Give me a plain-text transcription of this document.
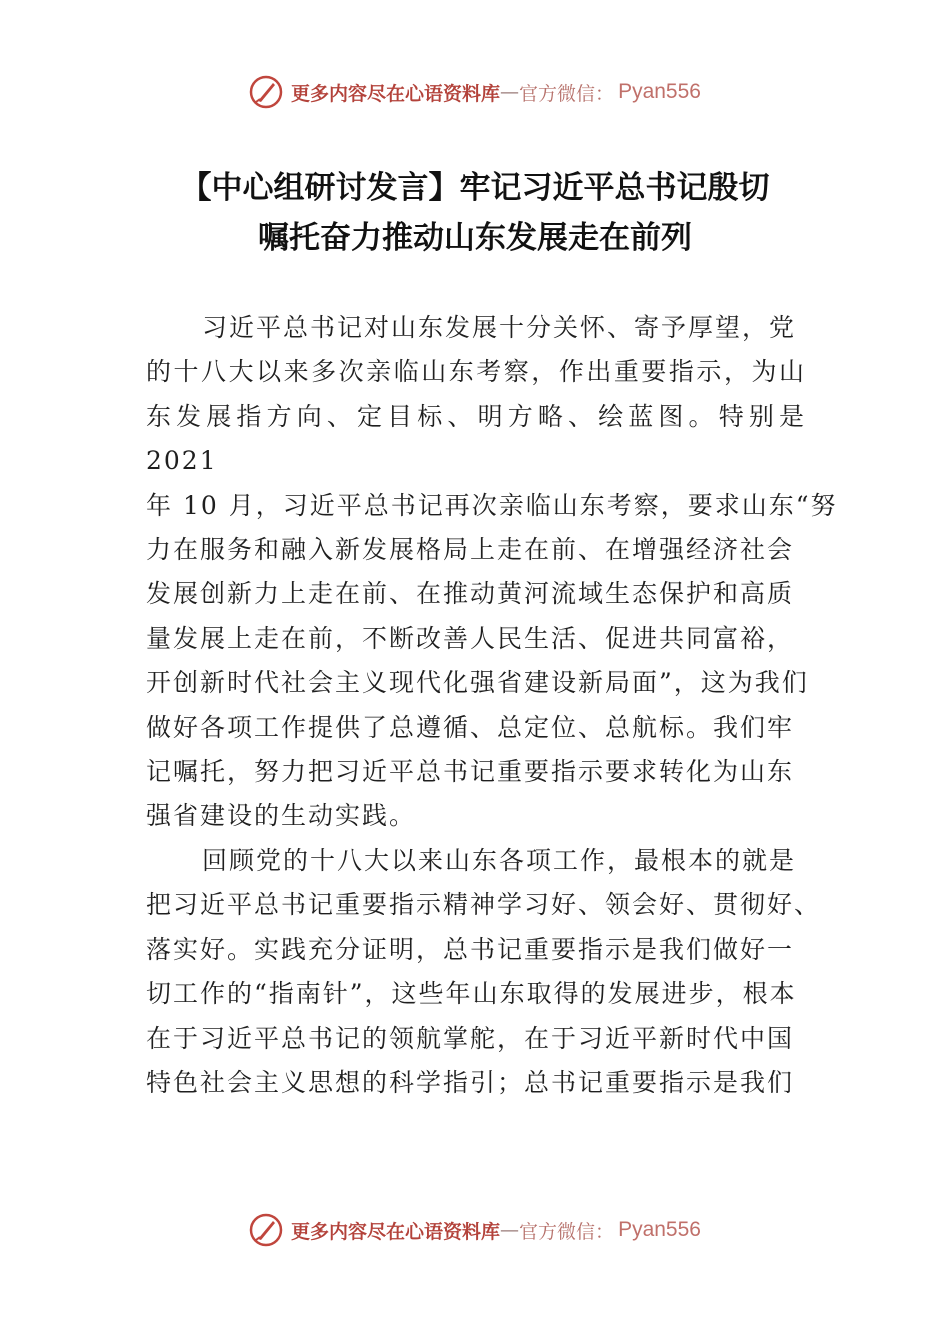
更多内容尽在心语资料库 — 官方微信： Pyan556
【中心组研讨发言】牢记习近平总书记殷切
嘱托奋力推动山东发展走在前列
习近平总书记对山东发展十分关怀、寄予厚望，党
的十八大以来多次亲临山东考察，作出重要指示，为山
东发展指方向、定目标、明方略、绘蓝图。特别是
2021
年 10 月，习近平总书记再次亲临山东考察，要求山东“努
力在服务和融入新发展格局上走在前、在增强经济社会
发展创新力上走在前、在推动黄河流域生态保护和高质
量发展上走在前，不断改善人民生活、促进共同富裕，
开创新时代社会主义现代化强省建设新局面”，这为我们
做好各项工作提供了总遵循、总定位、总航标。我们牢
记嘱托，努力把习近平总书记重要指示要求转化为山东
强省建设的生动实践。
回顾党的十八大以来山东各项工作，最根本的就是
把习近平总书记重要指示精神学习好、领会好、贯彻好、
落实好。实践充分证明，总书记重要指示是我们做好一
切工作的“指南针”，这些年山东取得的发展进步，根本
在于习近平总书记的领航掌舵，在于习近平新时代中国
特色社会主义思想的科学指引；总书记重要指示是我们
更多内容尽在心语资料库 — 官方微信： Pyan556
